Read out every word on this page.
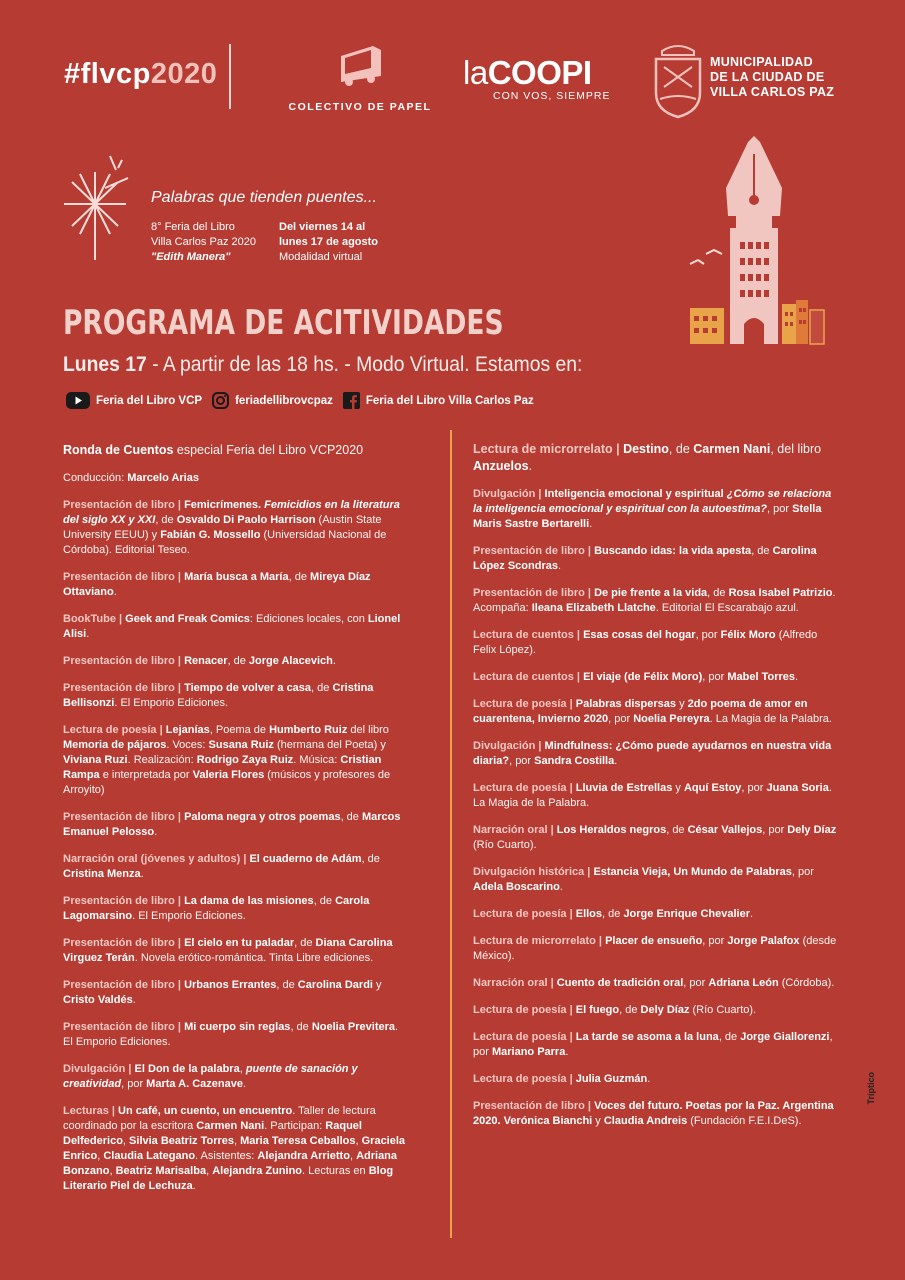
#flvcp2020
COLECTIVO DE PAPEL
laCOOPI
CON VOS, SIEMPRE
MUNICIPALIDAD
DE LA CIUDAD DE
VILLA CARLOS PAZ
Palabras que tienden puentes...
8° Feria del Libro
Villa Carlos Paz 2020
"Edith Manera"
Del viernes 14 al
lunes 17 de agosto
Modalidad virtual
PROGRAMA DE ACITIVIDADES
Lunes 17 - A partir de las 18 hs. - Modo Virtual. Estamos en:
Feria del Libro VCP	feriadellibrovcpaz	Feria del Libro Villa Carlos Paz
Ronda de Cuentos especial Feria del Libro VCP2020
Conducción: Marcelo Arias
Presentación de libro | Femicrímenes. Femicidios en la literatura del siglo XX y XXI, de Osvaldo Di Paolo Harrison (Austin State University EEUU) y Fabián G. Mossello (Universidad Nacional de Córdoba). Editorial Teseo.
Presentación de libro | María busca a María, de Mireya Díaz Ottaviano.
BookTube | Geek and Freak Comics: Ediciones locales, con Lionel Alisi.
Presentación de libro | Renacer, de Jorge Alacevich.
Presentación de libro | Tiempo de volver a casa, de Cristina Bellisonzi. El Emporio Ediciones.
Lectura de poesía | Lejanías, Poema de Humberto Ruiz del libro Memoria de pájaros. Voces: Susana Ruiz (hermana del Poeta) y Viviana Ruzi. Realización: Rodrigo Zaya Ruiz. Música: Cristian Rampa e interpretada por Valeria Flores (músicos y profesores de Arroyito)
Presentación de libro | Paloma negra y otros poemas, de Marcos Emanuel Pelosso.
Narración oral (jóvenes y adultos) | El cuaderno de Adám, de Cristina Menza.
Presentación de libro | La dama de las misiones, de Carola Lagomarsino. El Emporio Ediciones.
Presentación de libro | El cielo en tu paladar, de Diana Carolina Virguez Terán. Novela erótico-romántica. Tinta Libre ediciones.
Presentación de libro | Urbanos Errantes, de Carolina Dardi y Cristo Valdés.
Presentación de libro | Mi cuerpo sin reglas, de Noelia Previtera. El Emporio Ediciones.
Divulgación | El Don de la palabra, puente de sanación y creatividad, por Marta A. Cazenave.
Lecturas | Un café, un cuento, un encuentro. Taller de lectura coordinado por la escritora Carmen Nani. Participan: Raquel Delfederico, Silvia Beatriz Torres, Maria Teresa Ceballos, Graciela Enrico, Claudia Lategano. Asistentes: Alejandra Arrietto, Adriana Bonzano, Beatriz Marisalba, Alejandra Zunino. Lecturas en Blog Literario Piel de Lechuza.
Lectura de microrrelato | Destino, de Carmen Nani, del libro Anzuelos.
Divulgación | Inteligencia emocional y espiritual ¿Cómo se relaciona la inteligencia emocional y espiritual con la autoestima?, por Stella Maris Sastre Bertarelli.
Presentación de libro | Buscando idas: la vida apesta, de Carolina López Scondras.
Presentación de libro | De pie frente a la vida, de Rosa Isabel Patrizio. Acompaña: Ileana Elizabeth Llatche. Editorial El Escarabajo azul.
Lectura de cuentos | Esas cosas del hogar, por Félix Moro (Alfredo Felix López).
Lectura de cuentos | El viaje (de Félix Moro), por Mabel Torres.
Lectura de poesía | Palabras dispersas y 2do poema de amor en cuarentena, Invierno 2020, por Noelia Pereyra. La Magia de la Palabra.
Divulgación | Mindfulness: ¿Cómo puede ayudarnos en nuestra vida diaria?, por Sandra Costilla.
Lectura de poesía | Lluvia de Estrellas y Aquí Estoy, por Juana Soria. La Magia de la Palabra.
Narración oral | Los Heraldos negros, de César Vallejos, por Dely Díaz (Río Cuarto).
Divulgación histórica | Estancia Vieja, Un Mundo de Palabras, por Adela Boscarino.
Lectura de poesía | Ellos, de Jorge Enrique Chevalier.
Lectura de microrrelato | Placer de ensueño, por Jorge Palafox (desde México).
Narración oral | Cuento de tradición oral, por Adriana León (Córdoba).
Lectura de poesía | El fuego, de Dely Díaz (Río Cuarto).
Lectura de poesía | La tarde se asoma a la luna, de Jorge Giallorenzi, por Mariano Parra.
Lectura de poesía | Julia Guzmán.
Presentación de libro | Voces del futuro. Poetas por la Paz. Argentina 2020. Verónica Bianchi y Claudia Andreis (Fundación F.E.I.DeS).
Tríptico
